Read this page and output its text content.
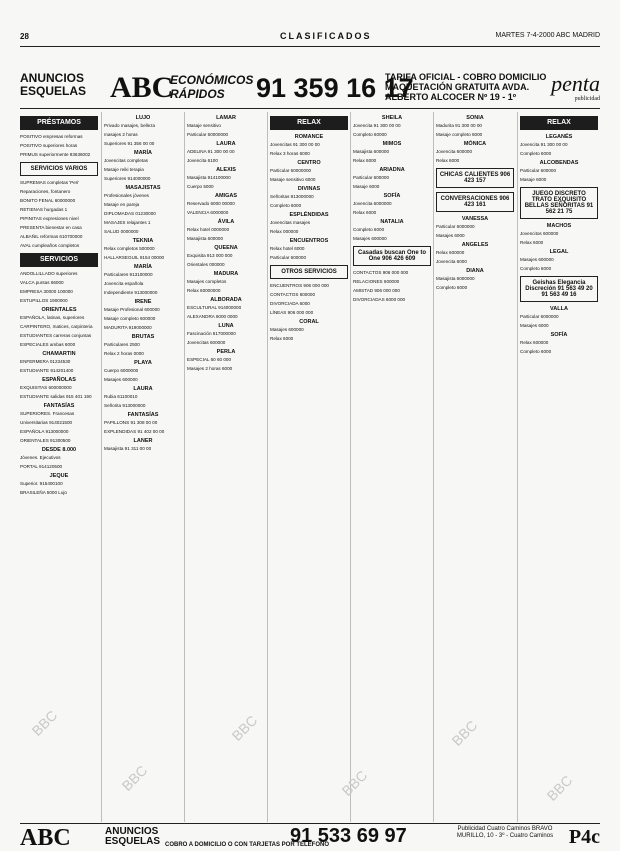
28	CLASIFICADOS	MARTES 7-4-2000 ABC MADRID
ANUNCIOS ESQUELAS ABC
ECONÓMICOS RÁPIDOS	91 359 16 17
TARIFA OFICIAL - COBRO DOMICILIO MAQUETACIÓN GRATUITA AVDA. ALBERTO ALCOCER Nº 19 - 1º
penta
publicidad
PRÉSTAMOS

POSITIVO empresas reformas

POSITIVO superiores horas

PRIMUS superiormente 93636002

SERVICIOS VARIOS

SUPREMAS completas 'Peri'

Reparaciones, fontanero

BONITO FENAL 60000000

RETIENAS hurgadas 1

PIPINITAS expresiones nivel

PRESENTA bienestar en casa

ALBAÑIL reformas 610700000

AVAL cumpleaños completos

SERVICIOS

ANDOLLILLADO superiores

VALCA puntas 66000

EMPRESA 30000 100000

ESTUPILLOS 1900000

ORIENTALES

ESPAÑOLA, latinas, superiores

CARPINTERO, matices, carpinteria

ESTUDIANTES carreras conjuntas

ESPECIALES ambas 6000

CHAMARTIN

ENFERMERA 01234530

ESTUDIANTE 914201400

ESPAÑOLAS

EXQUISITAS 600000000

ESTUDIANTE salidas 915 401 190

FANTASÍAS

SUPERIORES. Francesas

Universitarias 914021500

ESPAÑOLA 913000000

ORIENTALES 91300500

DESDE 8.000

Jóvenes. Ejecutivos

PORTAL 914120500

JEQUE

Superior. 915400100

BRASILEÑA 5000 Lujo

LUJO

Privado masajes, belleza

masajes 2 horas

Superiores 91 356 00 00

MARÍA

Jovencitas completas

Masaje reiki terapia

Superiores 914000000

MASAJISTAS

Profesionales jóvenes

Masaje en pareja

DIPLOMADAS 01230000

MASAJES relajantes 1

SALUD 0000000

TEKNIA

Relax completos 500000

HALLARSEGUIL 9154 00000

MARÍA

Particulares 913100000

Jovencita española

Independiente 913000000

IRENE

Masaje Profesional 600000

Masaje completo 600000

MADURITA 919000000

BRUTAS

Particulares 2500

Relax 2 horas 0000

PLAYA

Cuerpo 6000000

Masajes 600000

LAURA

Rubia 61100010

Señorita 913000000

FANTASÍAS

PAPILLONS 91 308 00 00

EXPLENDIDAS 91 402 00 00

LANER

Masajista 91 311 00 00

LAMAR

Masaje sensitivo

Particular 60000000

LAURA

ADELINA 91 300 00 00

Jovencita 6100

ALEXIS

Masajista 914100000

Cuerpo 5000

AMIGAS

Reservado 6000 00000

VALENCIA 6000000

ÁVILA

Relax hotel 0000000

Masajista 600000

QUEENA

Exquisita 913 000 000

Orientales 000000

MADURA

Masajes completos

Relax 60000000

ALBORADA

ESCULTURAL 914000000

ALEXANDRA 6000 0000

LUNA

Fascinación 617000000

Jovencitas 600000

PERLA

ESPECIAL 60 60 000

Masajes 2 horas 6000

RELAX
ROMANCE

Jovencitas 91 300 00 00

Relax 3 horas 6000

CENTRO

Particular 60000000

Masaje sensitivo 6000

DIVINAS

Señoritas 913000000

Completo 6000

ESPLÉNDIDAS

Jovencitas masajes

Relax 000000

ENCUENTROS

Relax hotel 6000

Particular 600000

OTROS SERVICIOS

ENCUENTROS 906 000 000

CONTACTOS 600000

DIVORCIADA 6000

LÍNEAS 906 000 000

CORAL

Masajes 600000

Relax 6000

SHEILA

Jovencita 91 300 00 00

Completo 60000

MIMOS

Masajista 600000

Relax 6000

ARIADNA

Particular 600000

Masaje 6000

SOFÍA

Jovencita 6000000

Relax 6000

NATALIA

Completo 6000

Masajes 600000

Casadas buscan One to One 906 426 609

CONTACTOS 906 000 000

RELACIONES 600000

AMISTAD 906 000 000

DIVORCIADAS 6000 000

SONIA

Madurita 91 300 00 00

Masaje completo 6000

MÓNICA

Jovencita 600000

Relax 6000

CHICAS CALIENTES 906 423 157
CONVERSACIONES 906 423 161
VANESSA

Particular 6000000

Masajes 6000

ANGELES

Relax 600000

Jovencita 6000

DIANA

Masajista 6000000

Completo 6000

RELAX
LEGANÉS

Jovencita 91 300 00 00

Completo 6000

ALCOBENDAS

Particular 600000

Masaje 6000

JUEGO DISCRETO TRATO EXQUISITO BELLAS SEÑORITAS 91 562 21 75
MACHOS

Jovencitos 600000

Relax 6000

LEGAL

Masajes 600000

Completo 6000

Geishas Elegancia Discreción 91 563 49 20 91 563 49 16
VALLA

Particular 6000000

Masajes 6000

SOFÍA

Relax 600000

Completo 6000

ABC	ANUNCIOS ESQUELAS	91 533 69 97
COBRO A DOMICILIO O CON TARJETAS POR TELÉFONO
Publicidad Cuatro Caminos BRAVO MURILLO, 10 - 3º - Cuatro Caminos P4c
BBC
BBC
BBC
BBC
BBC
BBC
